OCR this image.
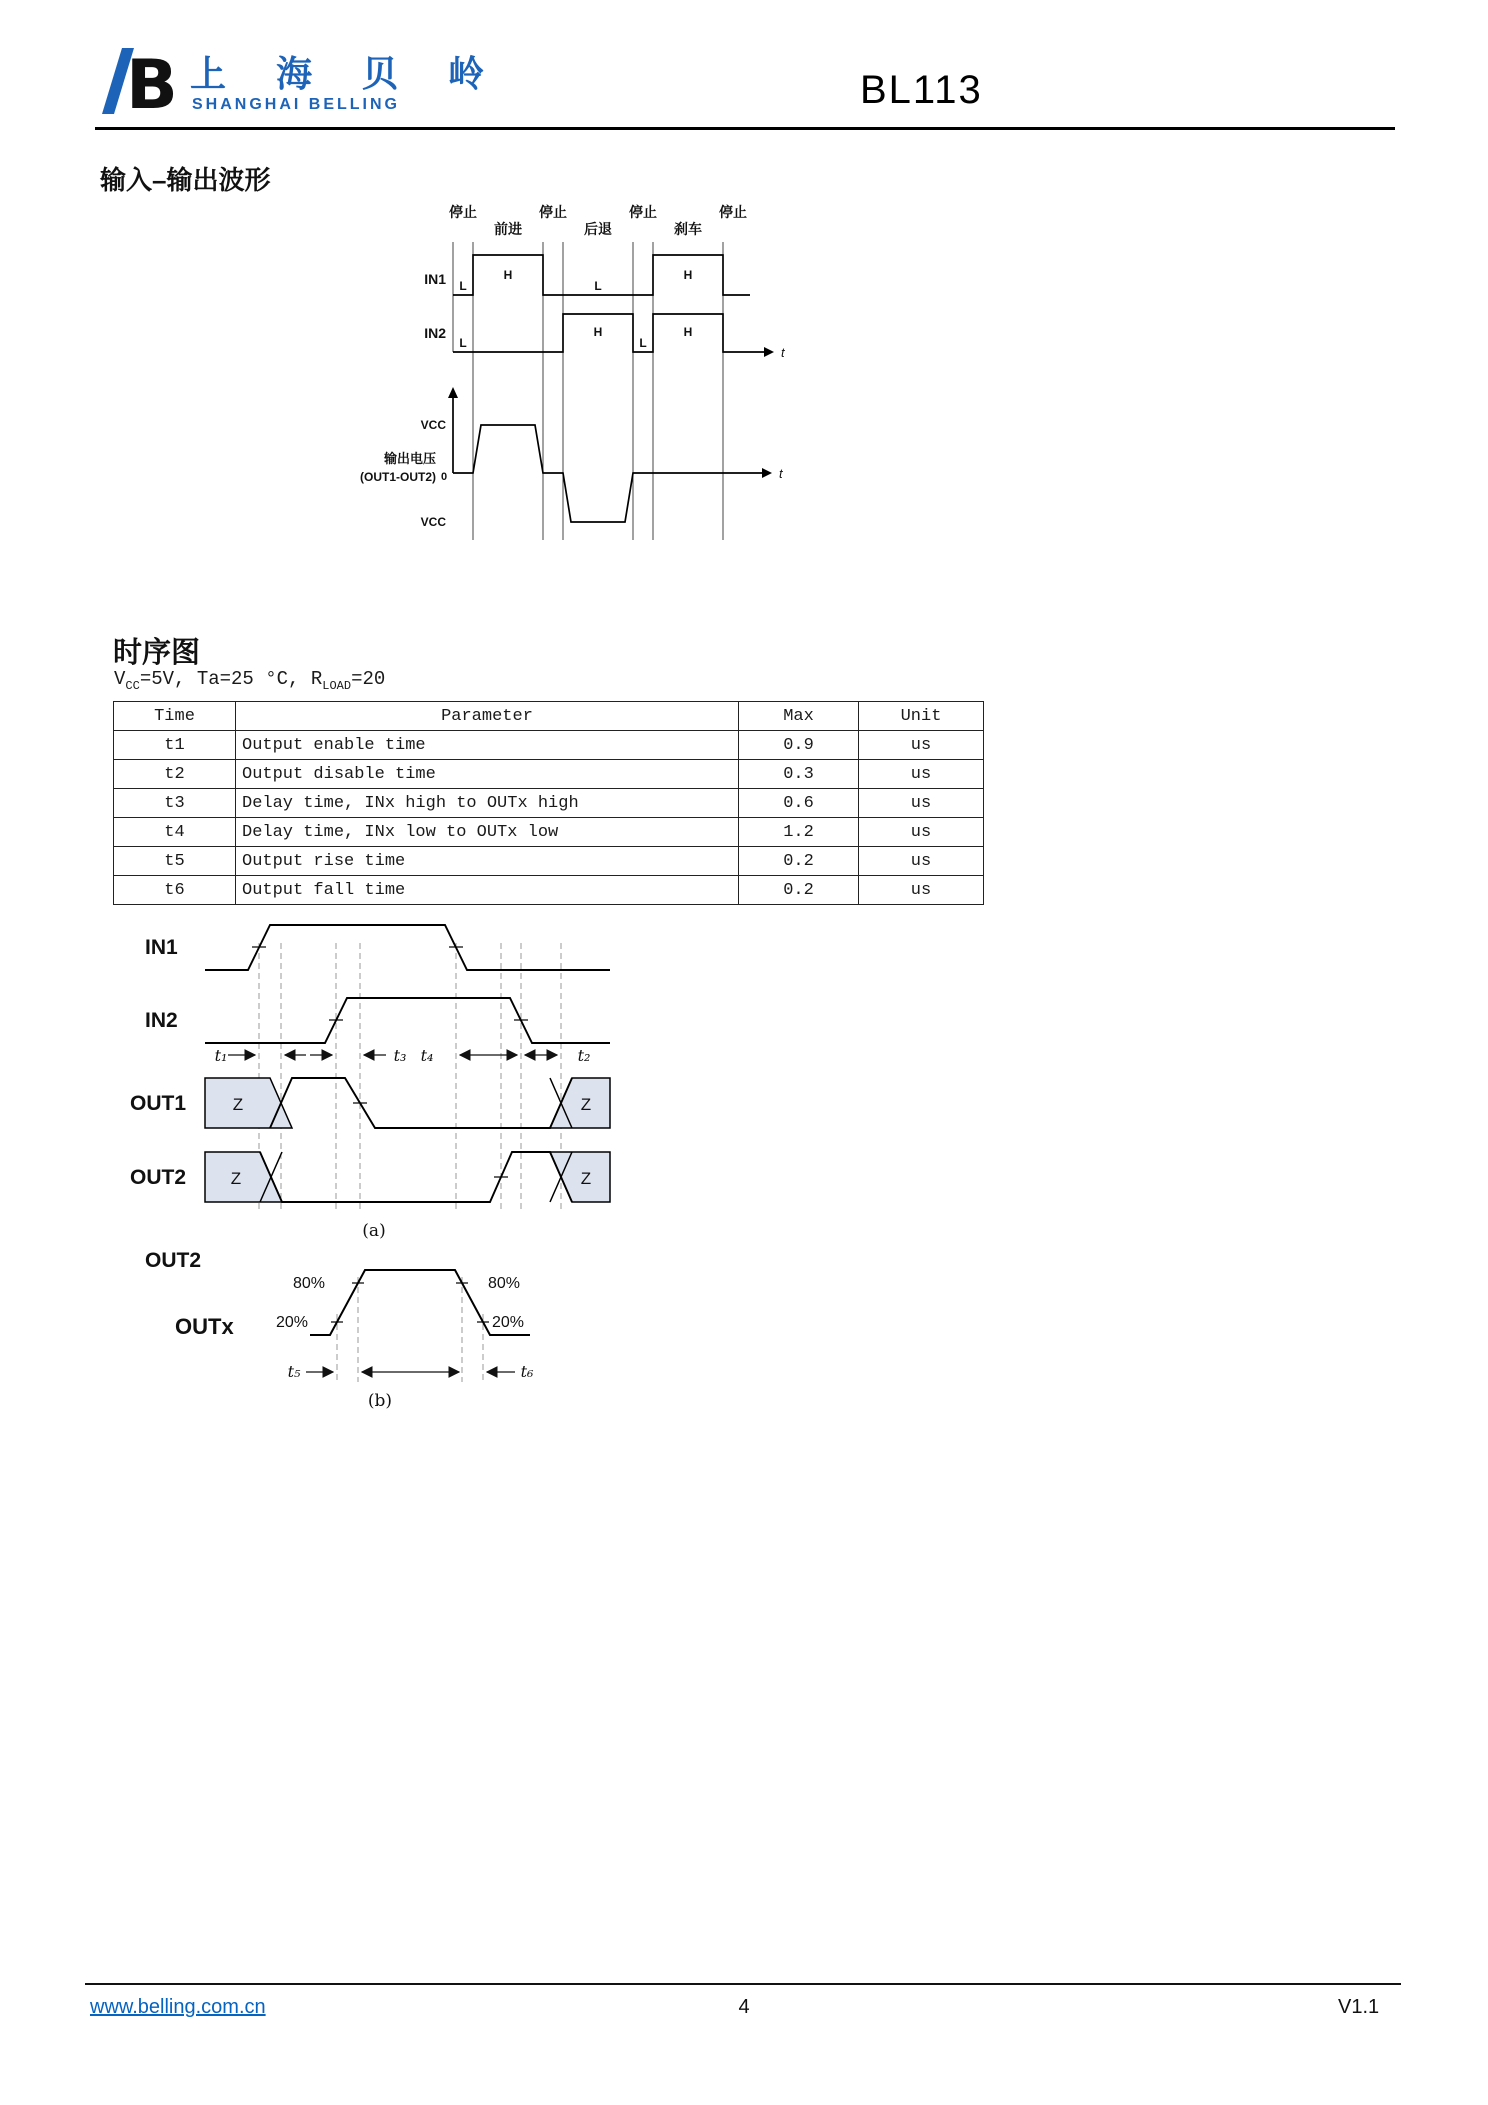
B 上 海 贝 岭
SHANGHAI BELLING	BL113
输入–输出波形
停止
前进
停止
后退
停止
刹车
停止
IN1 L
H
L
H
IN2
t
L
H
L
H
VCC
VCC
输出电压
(OUT1-OUT2) 0	t
时序图
$V_{CC}=5V$, Ta=25 °C, $R_{LOAD}=20$
Time	Parameter	Max	Unit
t1	Output enable time	0.9	us
t2	Output disable time	0.3	us
t3	Delay time, INx high to OUTx high	0.6	us
t4	Delay time, INx low to OUTx low	1.2	us
t5	Output rise time	0.2	us
t6	Output fall time	0.2	us
IN1
IN2
t₁	t₃ t₄	t₂
OUT1	Z	Z
OUT2	Z	Z
(a)
OUT2
OUTx
80%
20%
80%
20%
t₅	t₆
(b)
www.belling.com.cn	4	V1.1
